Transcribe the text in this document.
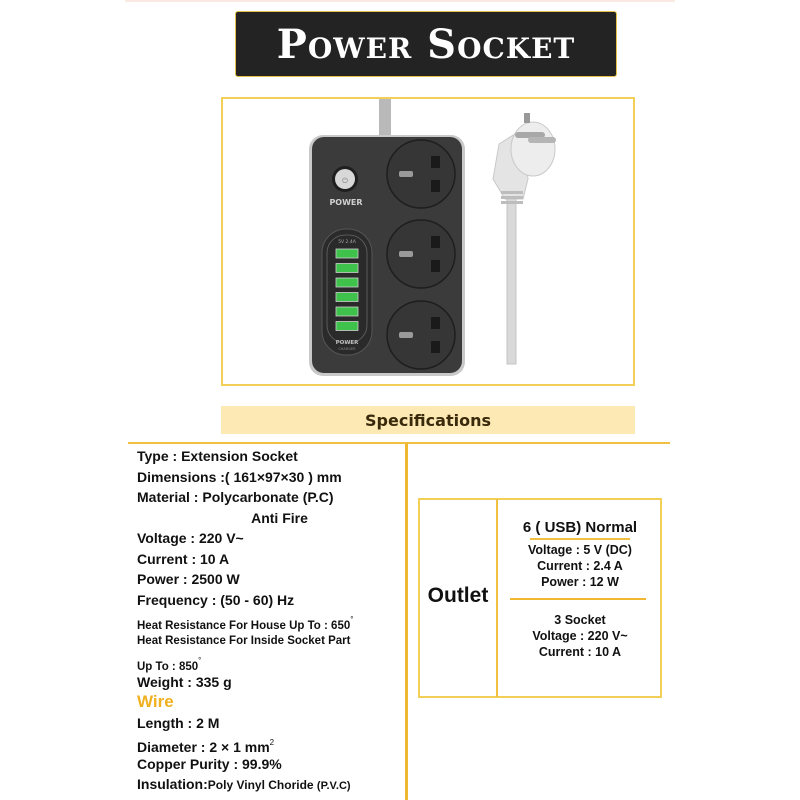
Power Socket
⏻
POWER
5V 2.4A
POWER
CHARGER
Specifications
Type : Extension Socket
Dimensions :( 161×97×30 ) mm
Material : Polycarbonate (P.C)
Anti Fire
Voltage : 220 V~
Current : 10 A
Power : 2500 W
Frequency : (50 - 60) Hz
Heat Resistance For House Up To : 650°
Heat Resistance For Inside Socket Part
Up To : 850°
Weight : 335 g
Wire
Length : 2 M
Diameter : 2 × 1 $mm^2$
Copper Purity : 99.9%
Insulation:Poly Vinyl Choride (P.V.C)
Outlet
6 ( USB) Normal
Voltage : 5 V (DC)
Current : 2.4 A
Power : 12 W
3 Socket
Voltage : 220 V~
Current : 10 A
